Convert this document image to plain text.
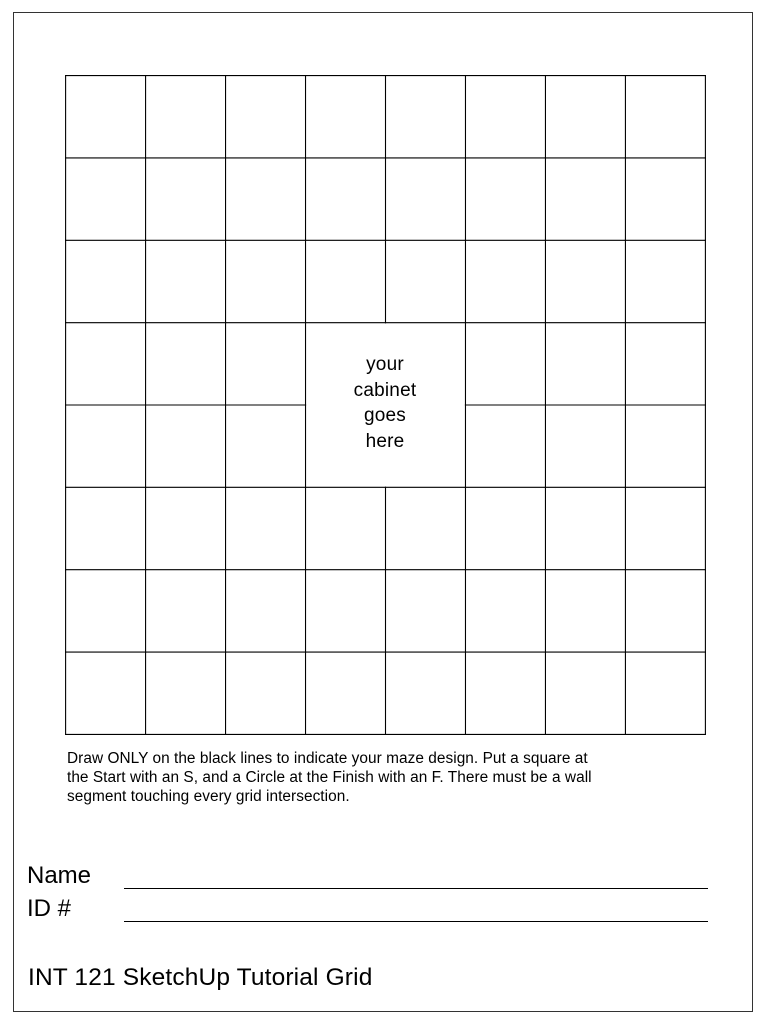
your
cabinet
goes
here
Draw ONLY on the black lines to indicate your maze design. Put a square at
the Start with an S, and a Circle at the Finish with an F. There must be a wall
segment touching every grid intersection.
Name
ID #
INT 121 SketchUp Tutorial Grid
